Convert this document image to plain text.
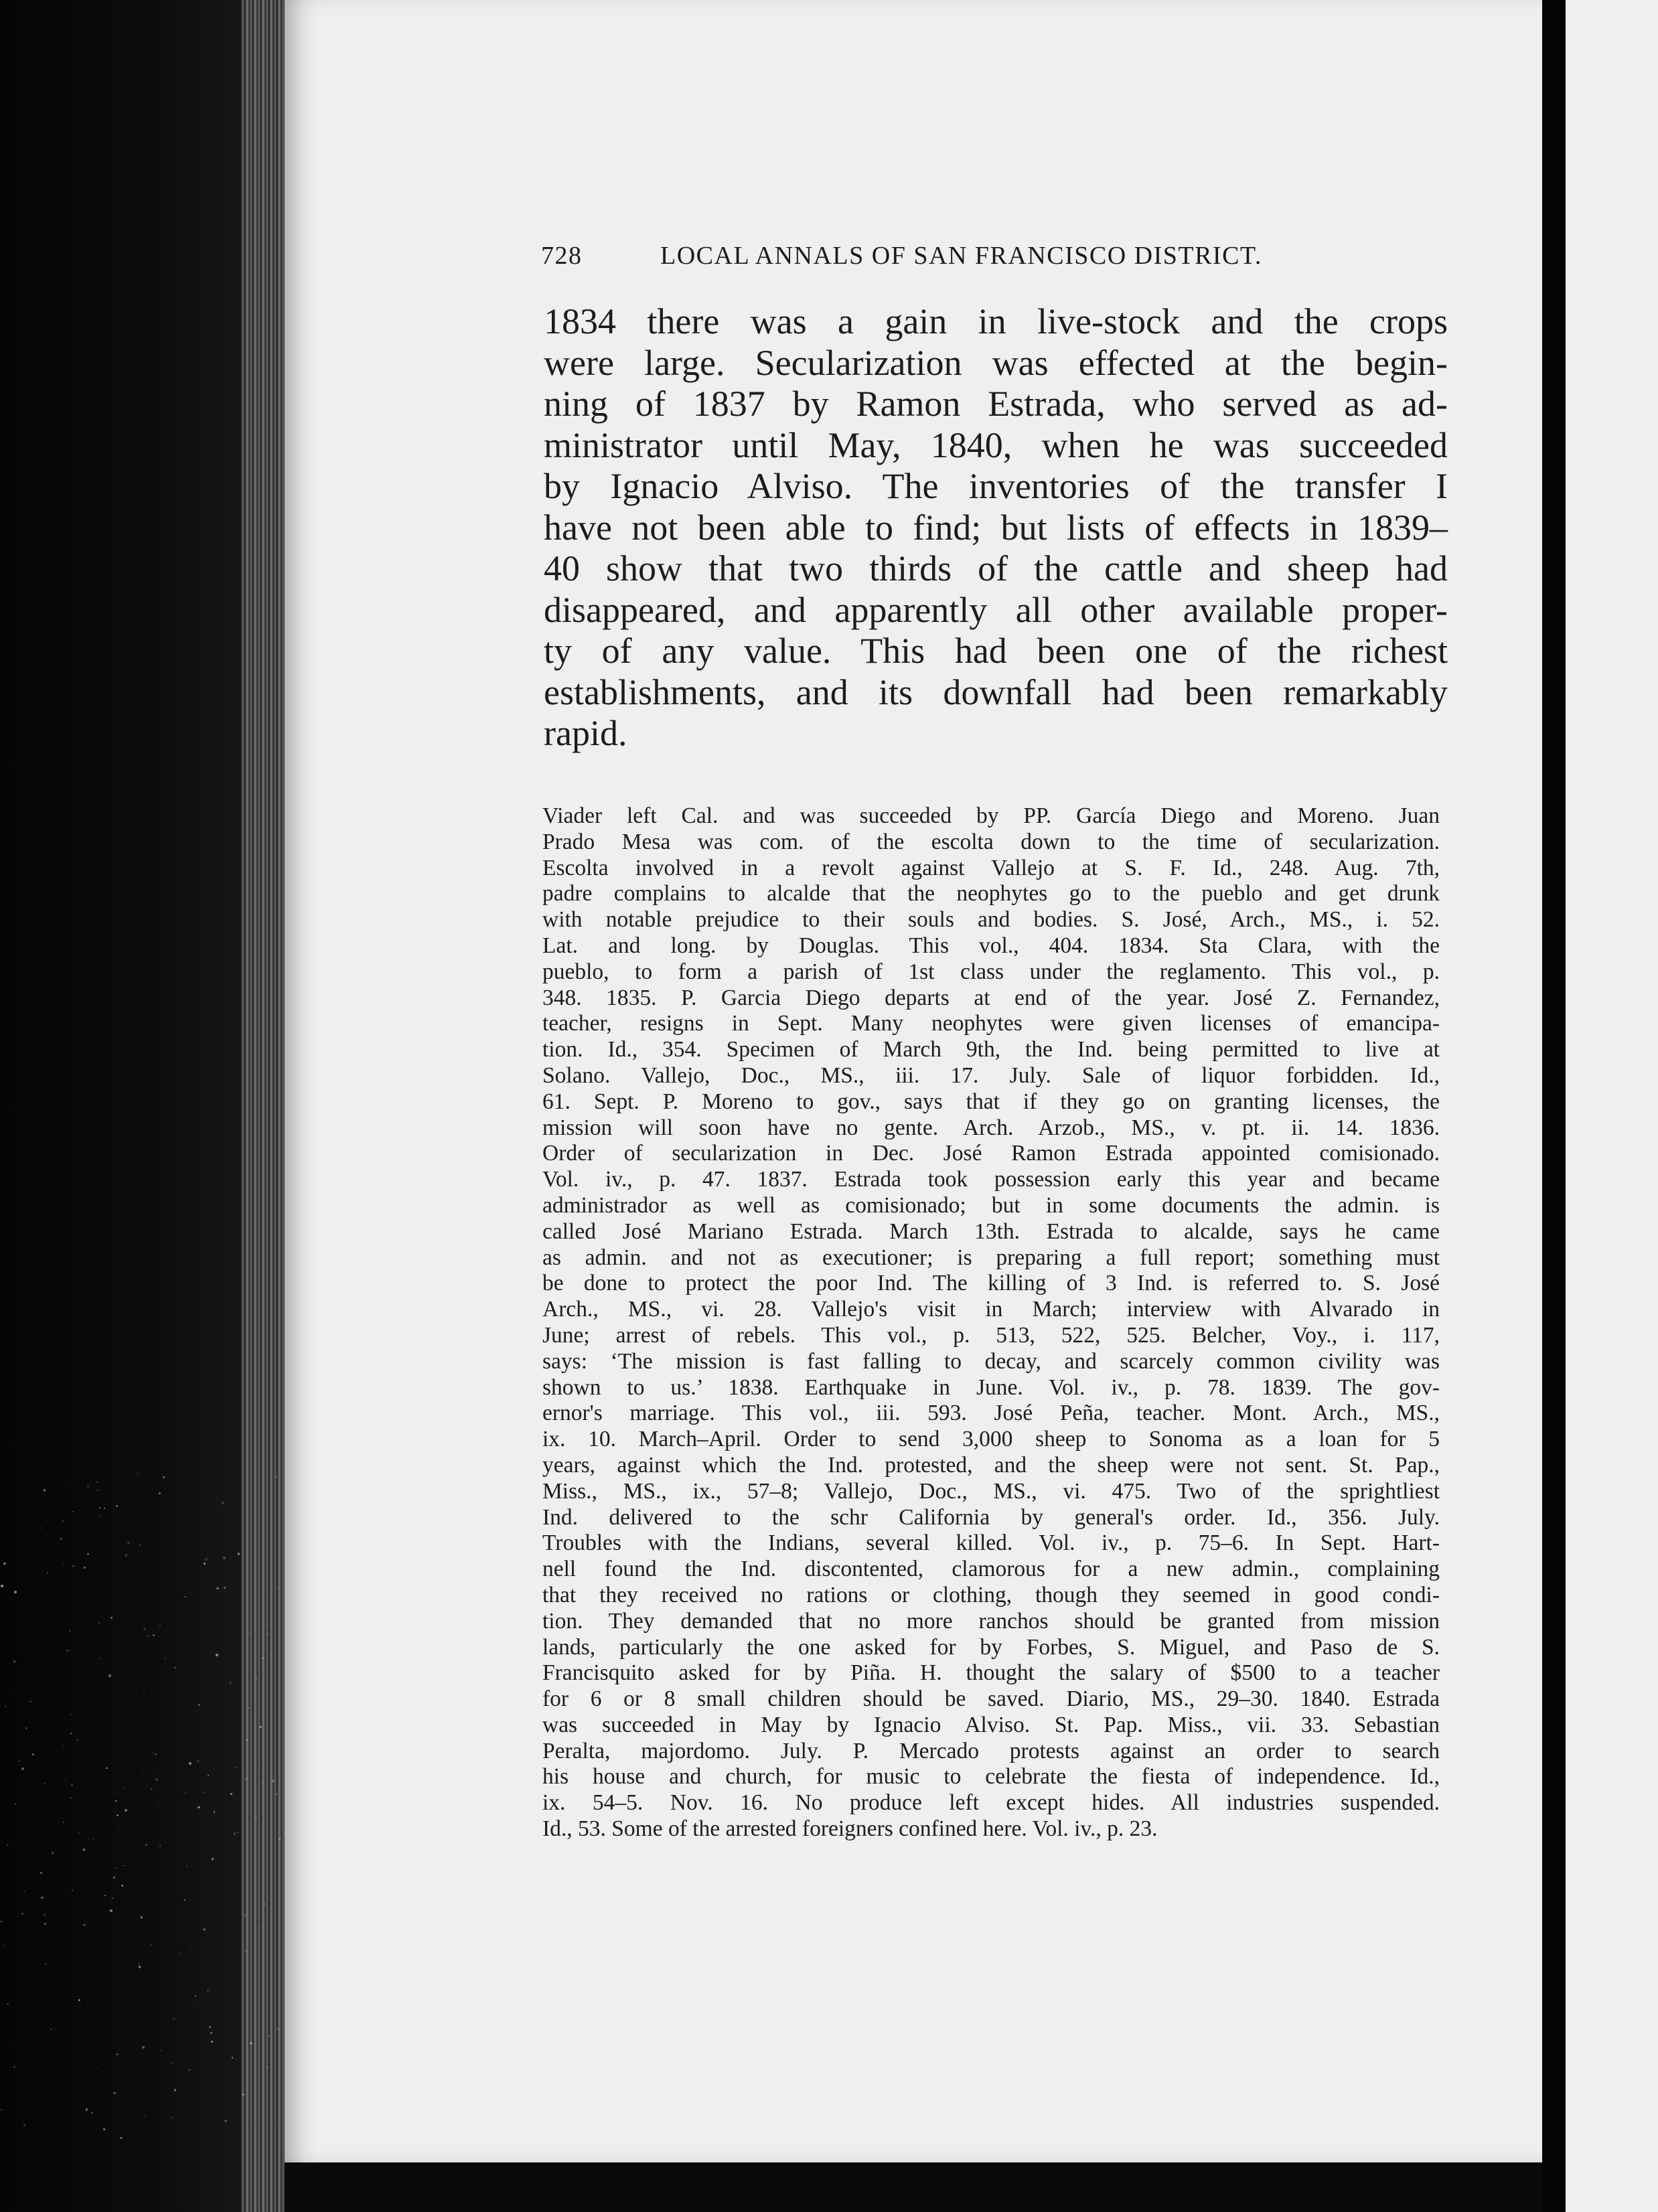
728	LOCAL ANNALS OF SAN FRANCISCO DISTRICT.
1834 there was a gain in live-stock and the crops
were large. Secularization was effected at the begin-
ning of 1837 by Ramon Estrada, who served as ad-
ministrator until May, 1840, when he was succeeded
by Ignacio Alviso. The inventories of the transfer I
have not been able to find; but lists of effects in 1839–
40 show that two thirds of the cattle and sheep had
disappeared, and apparently all other available proper-
ty of any value. This had been one of the richest
establishments, and its downfall had been remarkably
rapid.
Viader left Cal. and was succeeded by PP. García Diego and Moreno. Juan
Prado Mesa was com. of the escolta down to the time of secularization.
Escolta involved in a revolt against Vallejo at S. F. Id., 248. Aug. 7th,
padre complains to alcalde that the neophytes go to the pueblo and get drunk
with notable prejudice to their souls and bodies. S. José, Arch., MS., i. 52.
Lat. and long. by Douglas. This vol., 404. 1834. Sta Clara, with the
pueblo, to form a parish of 1st class under the reglamento. This vol., p.
348. 1835. P. Garcia Diego departs at end of the year. José Z. Fernandez,
teacher, resigns in Sept. Many neophytes were given licenses of emancipa-
tion. Id., 354. Specimen of March 9th, the Ind. being permitted to live at
Solano. Vallejo, Doc., MS., iii. 17. July. Sale of liquor forbidden. Id.,
61. Sept. P. Moreno to gov., says that if they go on granting licenses, the
mission will soon have no gente. Arch. Arzob., MS., v. pt. ii. 14. 1836.
Order of secularization in Dec. José Ramon Estrada appointed comisionado.
Vol. iv., p. 47. 1837. Estrada took possession early this year and became
administrador as well as comisionado; but in some documents the admin. is
called José Mariano Estrada. March 13th. Estrada to alcalde, says he came
as admin. and not as executioner; is preparing a full report; something must
be done to protect the poor Ind. The killing of 3 Ind. is referred to. S. José
Arch., MS., vi. 28. Vallejo's visit in March; interview with Alvarado in
June; arrest of rebels. This vol., p. 513, 522, 525. Belcher, Voy., i. 117,
says: ‘The mission is fast falling to decay, and scarcely common civility was
shown to us.’ 1838. Earthquake in June. Vol. iv., p. 78. 1839. The gov-
ernor's marriage. This vol., iii. 593. José Peña, teacher. Mont. Arch., MS.,
ix. 10. March–April. Order to send 3,000 sheep to Sonoma as a loan for 5
years, against which the Ind. protested, and the sheep were not sent. St. Pap.,
Miss., MS., ix., 57–8; Vallejo, Doc., MS., vi. 475. Two of the sprightliest
Ind. delivered to the schr California by general's order. Id., 356. July.
Troubles with the Indians, several killed. Vol. iv., p. 75–6. In Sept. Hart-
nell found the Ind. discontented, clamorous for a new admin., complaining
that they received no rations or clothing, though they seemed in good condi-
tion. They demanded that no more ranchos should be granted from mission
lands, particularly the one asked for by Forbes, S. Miguel, and Paso de S.
Francisquito asked for by Piña. H. thought the salary of $500 to a teacher
for 6 or 8 small children should be saved. Diario, MS., 29–30. 1840. Estrada
was succeeded in May by Ignacio Alviso. St. Pap. Miss., vii. 33. Sebastian
Peralta, majordomo. July. P. Mercado protests against an order to search
his house and church, for music to celebrate the fiesta of independence. Id.,
ix. 54–5. Nov. 16. No produce left except hides. All industries suspended.
Id., 53. Some of the arrested foreigners confined here. Vol. iv., p. 23.
